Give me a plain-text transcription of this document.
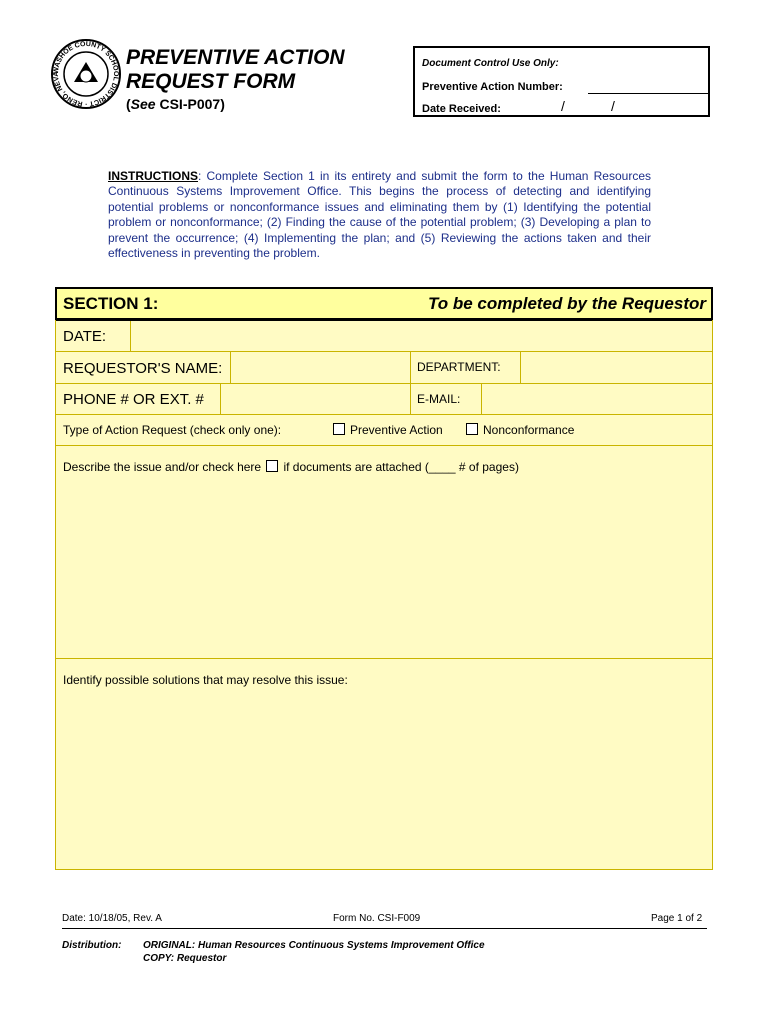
WASHOE COUNTY SCHOOL DISTRICT · RENO, NEVA
PREVENTIVE ACTION
REQUEST FORM
(See CSI-P007)
Document Control Use Only:
Preventive Action Number:
Date Received:	/	/
INSTRUCTIONS: Complete Section 1 in its entirety and submit the form to the Human Resources Continuous Systems Improvement Office. This begins the process of detecting and identifying potential problems or nonconformance issues and eliminating them by (1) Identifying the potential problem or nonconformance; (2) Finding the cause of the potential problem; (3) Developing a plan to prevent the occurrence; (4) Implementing the plan; and (5) Reviewing the actions taken and their effectiveness in preventing the problem.
SECTION 1:	To be completed by the Requestor
DATE:
REQUESTOR'S NAME:	DEPARTMENT:
PHONE # OR EXT. #	E-MAIL:
Type of Action Request (check only one):	Preventive Action	Nonconformance
Describe the issue and/or check here if documents are attached (____ # of pages)
Identify possible solutions that may resolve this issue:
Date: 10/18/05, Rev. A	Form No. CSI-F009	Page 1 of 2
Distribution: ORIGINAL: Human Resources Continuous Systems Improvement Office
COPY: Requestor
